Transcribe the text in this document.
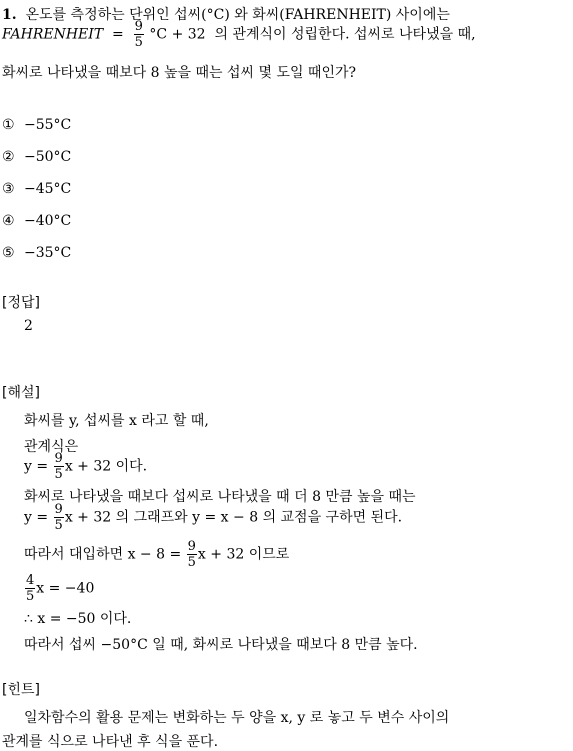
1. 온도를 측정하는 단위인 섭씨(°C) 와 화씨(FAHRENHEIT) 사이에는
FAHRENHEIT = $\frac{9}{5} ^\circ C + 32$ 의 관계식이 성립한다. 섭씨로 나타냈을 때,
화씨로 나타냈을 때보다 8 높을 때는 섭씨 몇 도일 때인가?
① −55°C
② −50°C
③ −45°C
④ −40°C
⑤ −35°C
[정답]
2
[해설]
화씨를 y, 섭씨를 x 라고 할 때,
관계식은
$y = \frac{9}{5}$ x + 32 이다.
화씨로 나타냈을 때보다 섭씨로 나타냈을 때 더 8 만큼 높을 때는
$y = \frac{9}{5}$ x + 32 의 그래프와 y = x − 8 의 교점을 구하면 된다.
따라서 대입하면 $x - 8 = \frac{9}{5}$ x + 32 이므로
$\frac{4}{5}$ x = −40
∴ x = −50 이다.
따라서 섭씨 −50°C 일 때, 화씨로 나타냈을 때보다 8 만큼 높다.
[힌트]
일차함수의 활용 문제는 변화하는 두 양을 x, y 로 놓고 두 변수 사이의
관계를 식으로 나타낸 후 식을 푼다.
